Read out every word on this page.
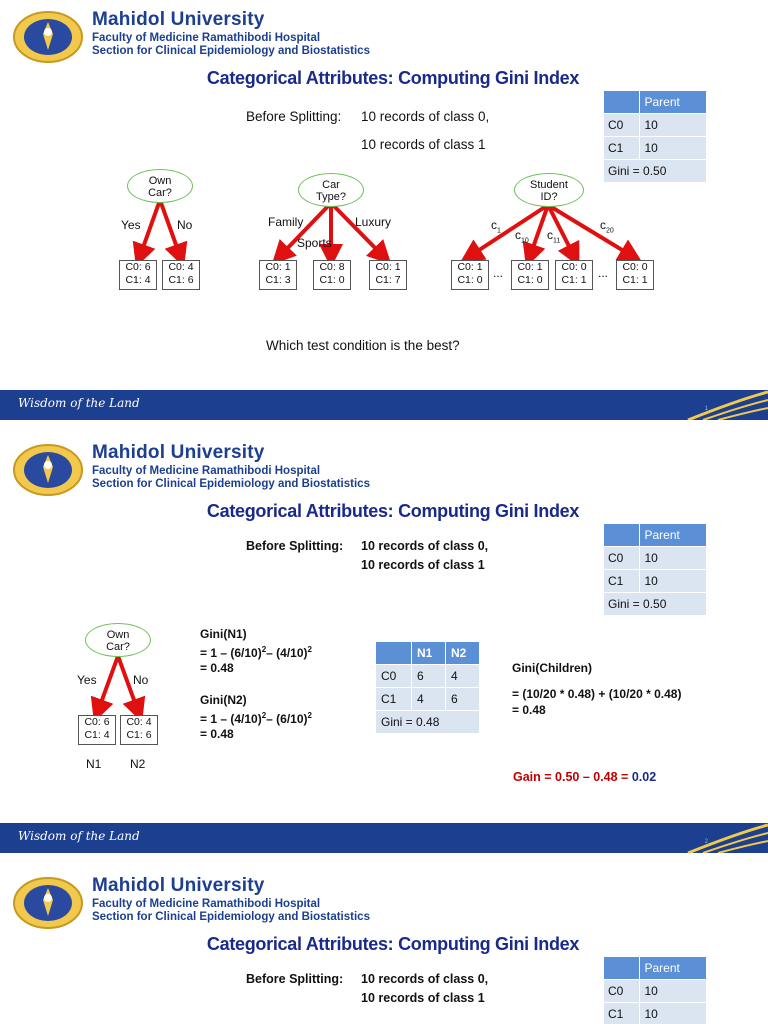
Mahidol University
Faculty of Medicine Ramathibodi Hospital
Section for Clinical Epidemiology and Biostatistics
Categorical Attributes: Computing Gini Index
Before Splitting: 10 records of class 0,
10 records of class 1
	Parent
C0	10
C1	10
Gini = 0.50	
Own Car?
Yes	No
C0: 6
C1: 4
C0: 4
C1: 6
Car Type?
Family
Sports
Luxury
C0: 1
C1: 3
C0: 8
C1: 0
C0: 1
C1: 7
Student ID?
$c_1$ $c_{10}$ $c_{11}$
$c_{20}$
C0: 1
C1: 0 ...	C0: 1
C1: 0
C0: 0
C1: 1 ...	C0: 0
C1: 1
Which test condition is the best?
Wisdom of the Land	1
Mahidol University
Faculty of Medicine Ramathibodi Hospital
Section for Clinical Epidemiology and Biostatistics
Categorical Attributes: Computing Gini Index
Before Splitting: 10 records of class 0,
10 records of class 1
	Parent
C0	10
C1	10
Gini = 0.50	
Own Car?
Yes	No
C0: 6
C1: 4
C0: 4
C1: 6
N1 N2
Gini(N1)
= $1 - (6/10)^2-$ $(4/10)^2$
= 0.48
Gini(N2)
= $1 - (4/10)^2-$ $(6/10)^2$
= 0.48
	N1	N2
C0	6	4
C1	4	6
Gini = 0.48		
Gini(Children)
= (10/20 * 0.48) + (10/20 * 0.48)
= 0.48
Gain = 0.50 – 0.48 = 0.02
Wisdom of the Land	2
Mahidol University
Faculty of Medicine Ramathibodi Hospital
Section for Clinical Epidemiology and Biostatistics
Categorical Attributes: Computing Gini Index
Before Splitting: 10 records of class 0,
10 records of class 1
	Parent
C0	10
C1	10
